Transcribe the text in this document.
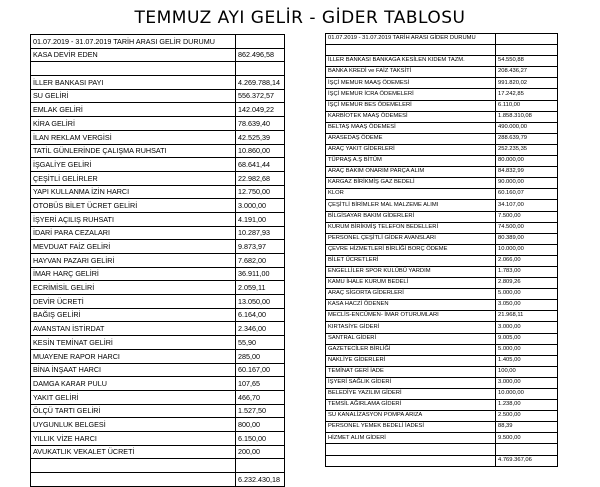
TEMMUZ AYI GELİR - GİDER TABLOSU
01.07.2019 - 31.07.2019 TARİH ARASI GELİR DURUMU	
KASA DEVİR EDEN	862.496,58

İLLER BANKASI PAYI	4.269.788,14
SU GELİRİ	556.372,57
EMLAK GELİRİ	142.049,22
KİRA GELİRİ	78.639,40
İLAN REKLAM VERGİSİ	42.525,39
TATİL GÜNLERİNDE ÇALIŞMA RUHSATI	10.860,00
İŞGALİYE GELİRİ	68.641,44
ÇEŞİTLİ GELİRLER	22.982,68
YAPI KULLANMA İZİN HARCI	12.750,00
OTOBÜS BİLET ÜCRET GELİRİ	3.000,00
İŞYERİ AÇILIŞ RUHSATI	4.191,00
İDARİ PARA CEZALARI	10.287,93
MEVDUAT FAİZ GELİRİ	9.873,97
HAYVAN PAZARI GELİRİ	7.682,00
İMAR HARÇ GELİRİ	36.911,00
ECRİMİSİL GELİRİ	2.059,11
DEVİR ÜCRETİ	13.050,00
BAĞIŞ GELİRİ	6.164,00
AVANSTAN İSTİRDAT	2.346,00
KESİN TEMİNAT GELİRİ	55,90
MUAYENE RAPOR HARCI	285,00
BİNA İNŞAAT HARCI	60.167,00
DAMGA KARAR PULU	107,65
YAKIT GELİRİ	466,70
ÖLÇÜ TARTI GELİRİ	1.527,50
UYGUNLUK BELGESİ	800,00
YILLIK VİZE HARCI	6.150,00
AVUKATLIK VEKALET ÜCRETİ	200,00

	6.232.430,18
01.07.2019 - 31.07.2019 TARİH ARASI GİDER DURUMU	

İLLER BANKASI BANKAGA KESİLEN KIDEM TAZM.	54.550,88
BANKA KREDİ ve FAİZ TAKSİTİ	208.436,27
İŞÇİ MEMUR MAAŞ ÖDEMESİ	991.820,02
İŞÇİ MEMUR İCRA ÖDEMELERİ	17.242,85
İŞÇİ MEMUR BES ÖDEMELERİ	6.110,00
KARBİOTEK MAAŞ ÖDEMESİ	1.858.310,08
BELTAŞ MAAŞ ÖDEMESİ	490.000,00
ARASEDAŞ ÖDEME	288.639,79
ARAÇ YAKIT GİDERLERİ	252.235,35
TÜPRAŞ A.Ş BİTÜM	80.000,00
ARAÇ BAKIM ONARIM PARÇA ALIM	84.832,99
KARGAZ BİRİKMİŞ GAZ BEDELİ	90.000,00
KLOR	60.160,07
ÇEŞİTLİ BİRİMLER MAL MALZEME ALIMI	34.107,00
BİLGİSAYAR BAKIM GİDERLERİ	7.500,00
KURUM BİRİKMİŞ TELEFON BEDELLERİ	74.500,00
PERSONEL ÇEŞİTLİ GİDER AVANSLARI	80.389,00
ÇEVRE HİZMETLERİ BİRLİĞİ BORÇ ÖDEME	10.000,00
BİLET ÜCRETLERİ	2.066,00
ENGELLİLER SPOR KULÜBÜ YARDIM	1.783,00
KAMU İHALE KURUM BEDELİ	2.809,26
ARAÇ SİGORTA GİDERLERİ	5.000,00
KASA HACZİ ÖDENEN	3.050,00
MECLİS-ENCÜMEN- İMAR OTURUMLARI	21.968,11
KIRTASİYE GİDERİ	3.000,00
SANTRAL GİDERİ	9.005,00
GAZETECİLER BİRLİĞİ	5.000,00
NAKLİYE GİDERLERİ	1.405,00
TEMİNAT GERİ İADE	100,00
İŞYERİ SAĞLIK GİDERİ	3.000,00
BELEDİYE YAZILIM GİDERİ	10.000,00
TEMSİL AĞIRLAMA GİDERİ	1.238,00
SU KANALİZASYON POMPA ARIZA	2.500,00
PERSONEL YEMEK BEDELİ İADESİ	88,39
HİZMET ALIM GİDERİ	9.500,00

	4.769.367,06
